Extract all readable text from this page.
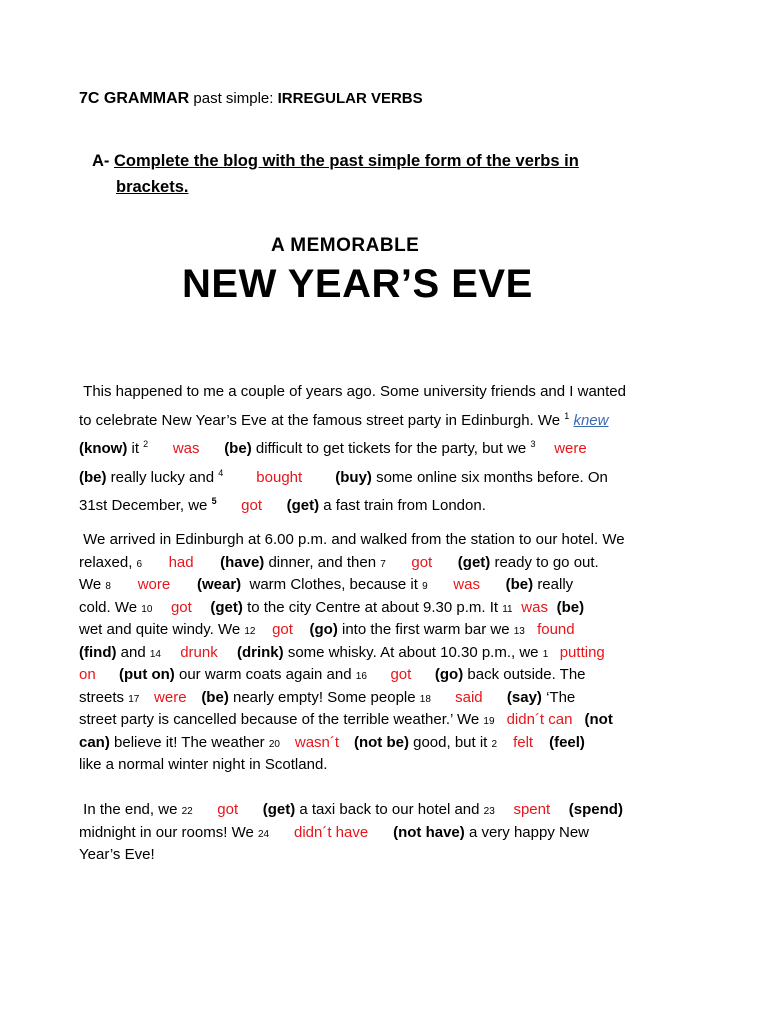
7C GRAMMAR past simple: IRREGULAR VERBS
A- Complete the blog with the past simple form of the verbs in
brackets.
A MEMORABLE
NEW YEAR’S EVE
This happened to me a couple of years ago. Some university friends and I wanted
to celebrate New Year’s Eve at the famous street party in Edinburgh. We $^1$ knew
(know) it $^2$ was (be) difficult to get tickets for the party, but we $^3$ were
(be) really lucky and $^4$ bought (buy) some online six months before. On
31st December, we $^5$ got (get) a fast train from London.
We arrived in Edinburgh at 6.00 p.m. and walked from the station to our hotel. We
relaxed, 6 had (have) dinner, and then 7 got (get) ready to go out.
We 8 wore (wear) warm Clothes, because it 9 was (be) really
cold. We 10 got (get) to the city Centre at about 9.30 p.m. It 11 was (be)
wet and quite windy. We 12 got (go) into the first warm bar we 13 found
(find) and 14 drunk (drink) some whisky. At about 10.30 p.m., we 1 putting
on (put on) our warm coats again and 16 got (go) back outside. The
streets 17 were (be) nearly empty! Some people 18 said (say) ‘The
street party is cancelled because of the terrible weather.’ We 19 didn´t can (not
can) believe it! The weather 20 wasn´t (not be) good, but it 2 felt (feel)
like a normal winter night in Scotland.
In the end, we 22 got (get) a taxi back to our hotel and 23 spent (spend)
midnight in our rooms! We 24 didn´t have (not have) a very happy New
Year’s Eve!
